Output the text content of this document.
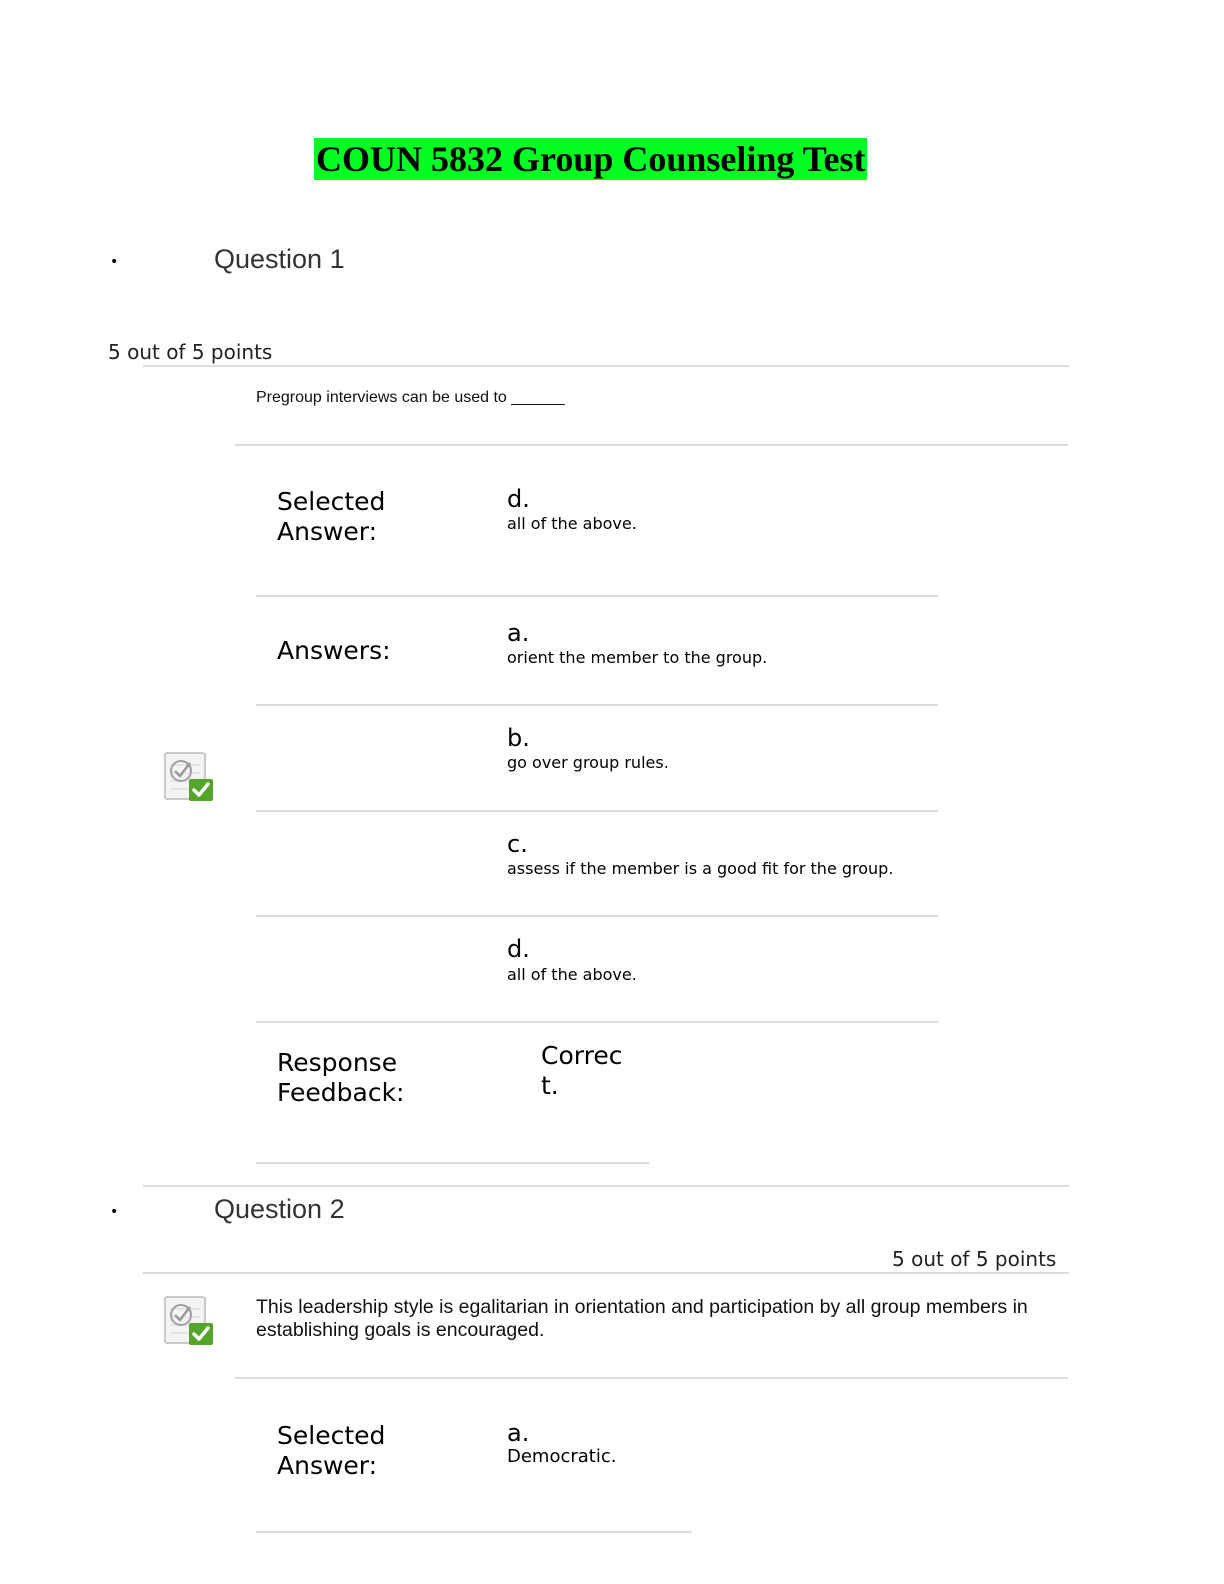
COUN 5832 Group Counseling Test
•	Question 1
5 out of 5 points
Pregroup interviews can be used to ______
Selected Answer:
d.
all of the above.
Answers:
a.
orient the member to the group.
b.
go over group rules.
c.
assess if the member is a good fit for the group.
d.
all of the above.
Response Feedback:
Correct.
•	Question 2
5 out of 5 points
This leadership style is egalitarian in orientation and participation by all group members in establishing goals is encouraged.
Selected Answer:
a.
Democratic.
